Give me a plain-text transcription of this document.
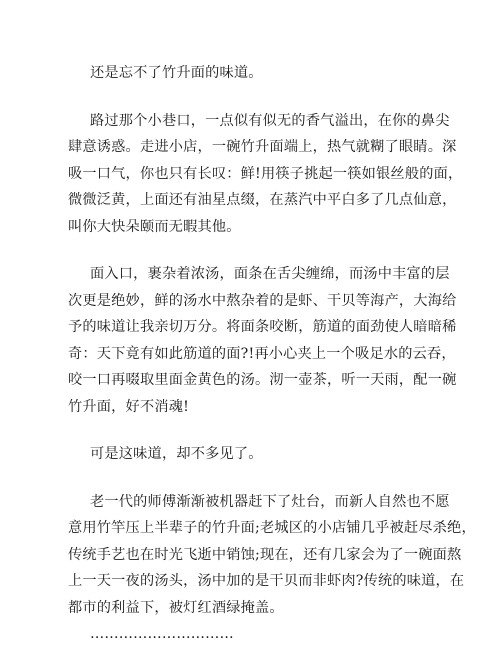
还是忘不了竹升面的味道。

路过那个小巷口，一点似有似无的香气溢出，在你的鼻尖
肆意诱惑。走进小店，一碗竹升面端上，热气就糊了眼睛。深
吸一口气，你也只有长叹：鲜!用筷子挑起一筷如银丝般的面，
微微泛黄，上面还有油星点缀，在蒸汽中平白多了几点仙意，
叫你大快朵颐而无暇其他。

面入口，裹杂着浓汤，面条在舌尖缠绵，而汤中丰富的层
次更是绝妙，鲜的汤水中熬杂着的是虾、干贝等海产，大海给
予的味道让我亲切万分。将面条咬断，筋道的面劲使人暗暗稀
奇：天下竟有如此筋道的面?!再小心夹上一个吸足水的云吞，
咬一口再啜取里面金黄色的汤。沏一壶茶，听一天雨，配一碗
竹升面，好不消魂!

可是这味道，却不多见了。

老一代的师傅渐渐被机器赶下了灶台，而新人自然也不愿
意用竹竿压上半辈子的竹升面;老城区的小店铺几乎被赶尽杀绝，
传统手艺也在时光飞逝中销蚀;现在，还有几家会为了一碗面熬
上一天一夜的汤头，汤中加的是干贝而非虾肉?传统的味道，在
都市的利益下，被灯红酒绿掩盖。
…………………………
